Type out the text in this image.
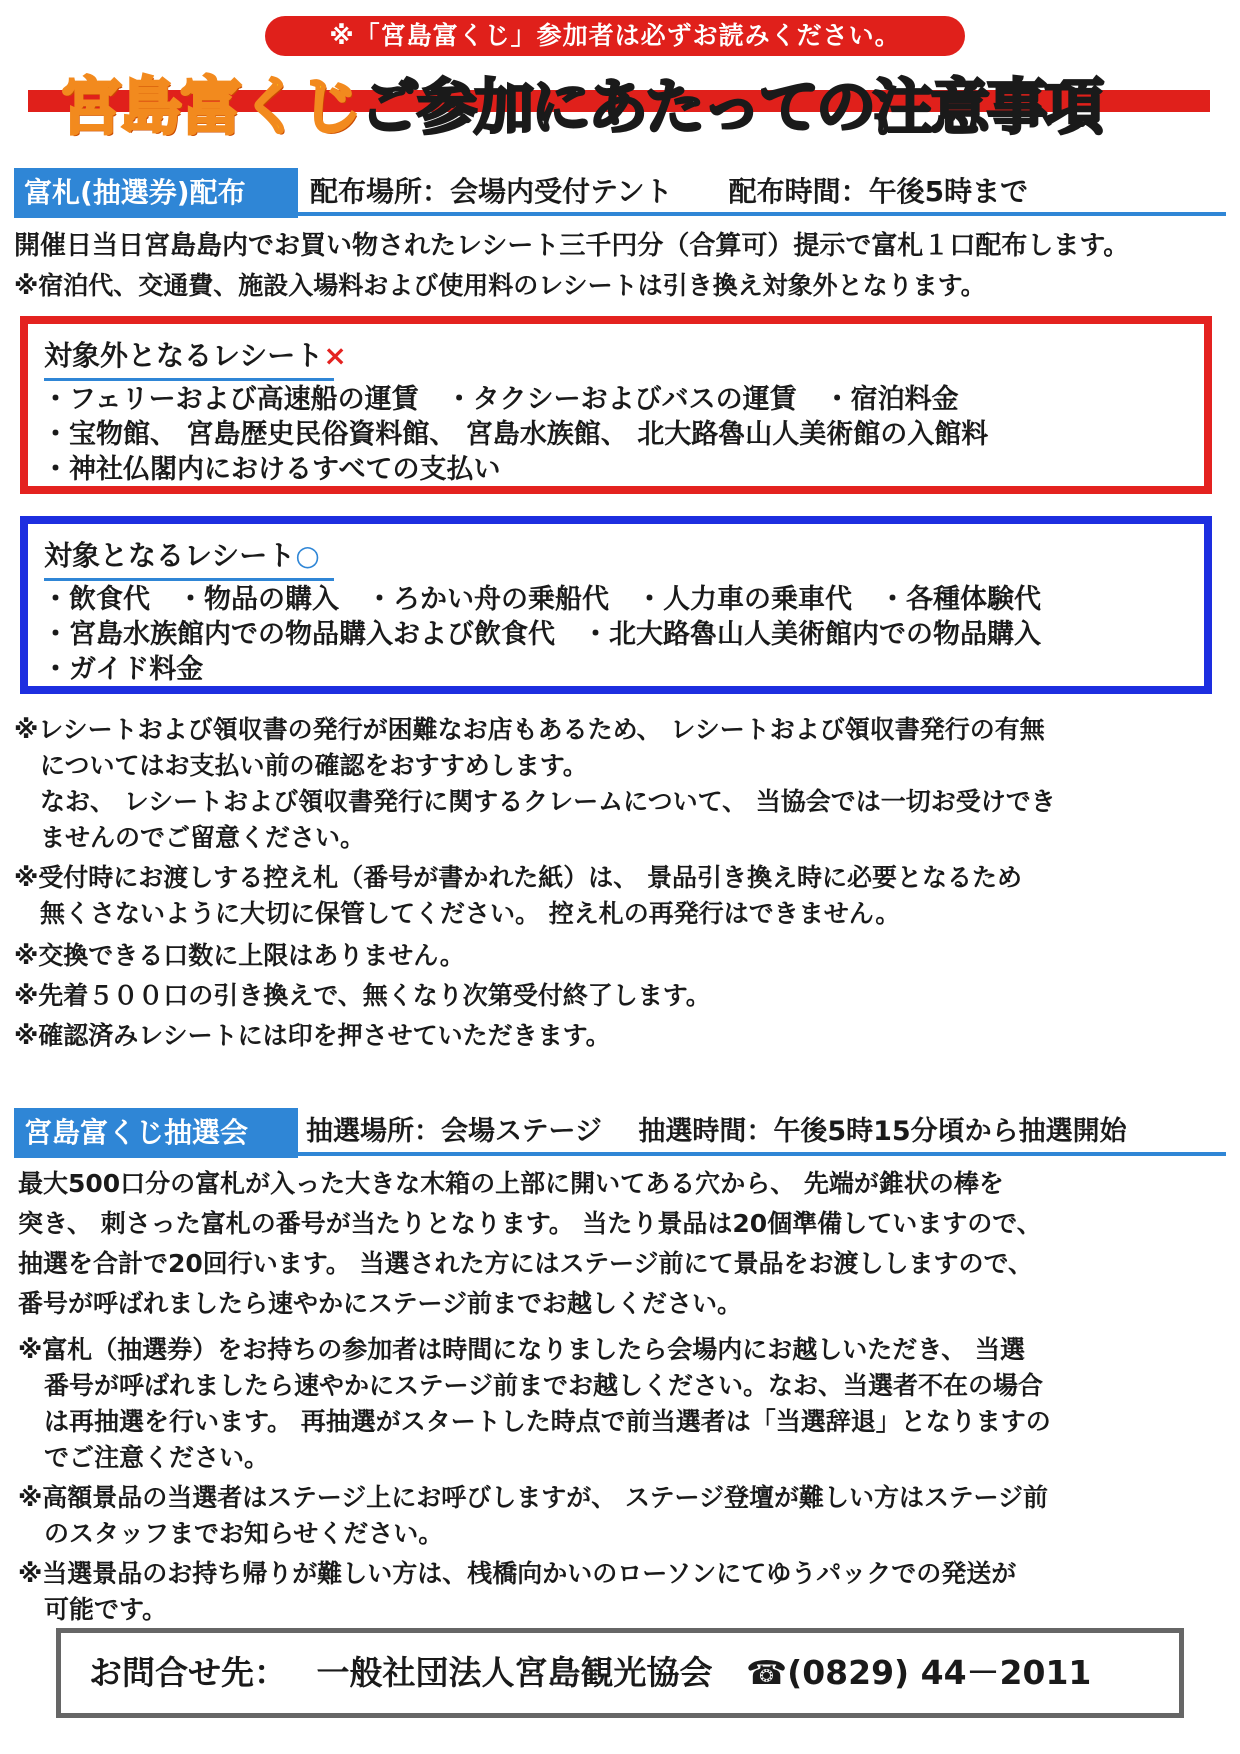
※「宮島富くじ」参加者は必ずお読みください。
宮島富くじご参加にあたっての注意事項
富札(抽選券)配布	配布場所：会場内受付テント　　配布時間：午後5時まで
開催日当日宮島島内でお買い物されたレシート三千円分（合算可）提示で富札１口配布します。
※宿泊代、交通費、施設入場料および使用料のレシートは引き換え対象外となります。
対象外となるレシート×
・フェリーおよび高速船の運賃　・タクシーおよびバスの運賃　・宿泊料金
・宝物館、 宮島歴史民俗資料館、 宮島水族館、 北大路魯山人美術館の入館料
・神社仏閣内におけるすべての支払い
対象となるレシート○
・飲食代　・物品の購入　・ろかい舟の乗船代　・人力車の乗車代　・各種体験代
・宮島水族館内での物品購入および飲食代　・北大路魯山人美術館内での物品購入
・ガイド料金
※レシートおよび領収書の発行が困難なお店もあるため、 レシートおよび領収書発行の有無
についてはお支払い前の確認をおすすめします。
なお、 レシートおよび領収書発行に関するクレームについて、 当協会では一切お受けでき
ませんのでご留意ください。
※受付時にお渡しする控え札（番号が書かれた紙）は、 景品引き換え時に必要となるため
無くさないように大切に保管してください。 控え札の再発行はできません。
※交換できる口数に上限はありません。
※先着５００口の引き換えで、無くなり次第受付終了します。
※確認済みレシートには印を押させていただきます。
宮島富くじ抽選会	抽選場所：会場ステージ　 抽選時間：午後5時15分頃から抽選開始
最大500口分の富札が入った大きな木箱の上部に開いてある穴から、 先端が錐状の棒を
突き、 刺さった富札の番号が当たりとなります。 当たり景品は20個準備していますので、
抽選を合計で20回行います。 当選された方にはステージ前にて景品をお渡ししますので、
番号が呼ばれましたら速やかにステージ前までお越しください。
※富札（抽選券）をお持ちの参加者は時間になりましたら会場内にお越しいただき、 当選
番号が呼ばれましたら速やかにステージ前までお越しください。なお、当選者不在の場合
は再抽選を行います。 再抽選がスタートした時点で前当選者は「当選辞退」となりますの
でご注意ください。
※高額景品の当選者はステージ上にお呼びしますが、 ステージ登壇が難しい方はステージ前
のスタッフまでお知らせください。
※当選景品のお持ち帰りが難しい方は、桟橋向かいのローソンにてゆうパックでの発送が
可能です。
お問合せ先： 一般社団法人宮島観光協会 ☎(0829) 44－2011
